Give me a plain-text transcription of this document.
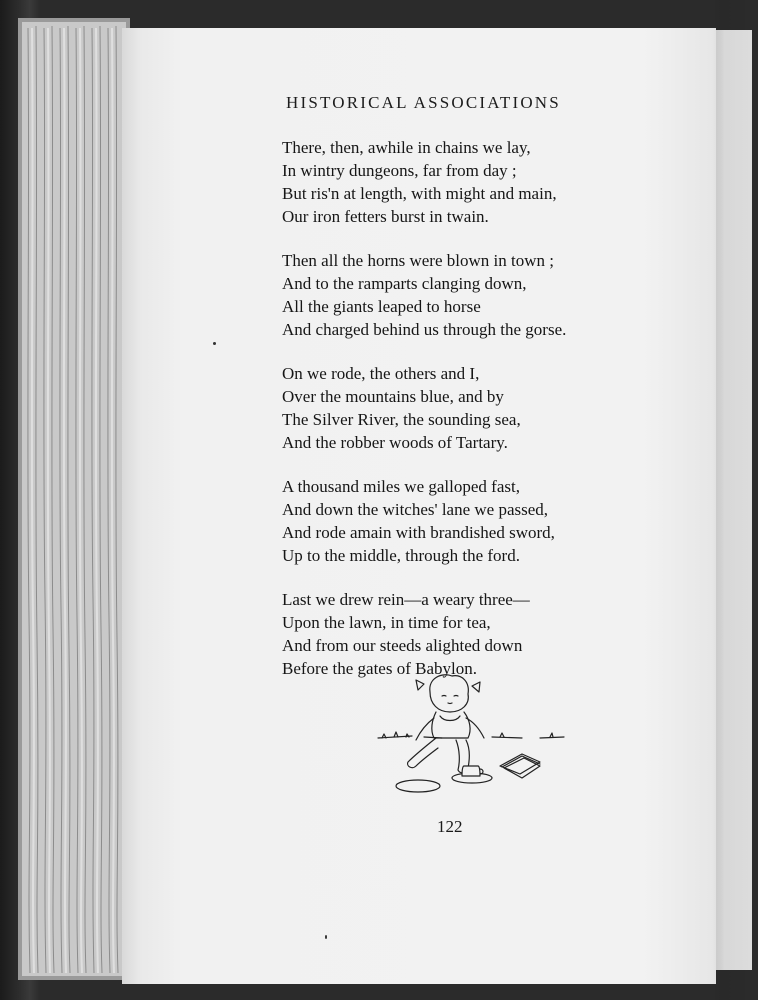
HISTORICAL ASSOCIATIONS
There, then, awhile in chains we lay,
In wintry dungeons, far from day ;
But ris'n at length, with might and main,
Our iron fetters burst in twain.
Then all the horns were blown in town ;
And to the ramparts clanging down,
All the giants leaped to horse
And charged behind us through the gorse.
On we rode, the others and I,
Over the mountains blue, and by
The Silver River, the sounding sea,
And the robber woods of Tartary.
A thousand miles we galloped fast,
And down the witches' lane we passed,
And rode amain with brandished sword,
Up to the middle, through the ford.
Last we drew rein—a weary three—
Upon the lawn, in time for tea,
And from our steeds alighted down
Before the gates of Babylon.
122
